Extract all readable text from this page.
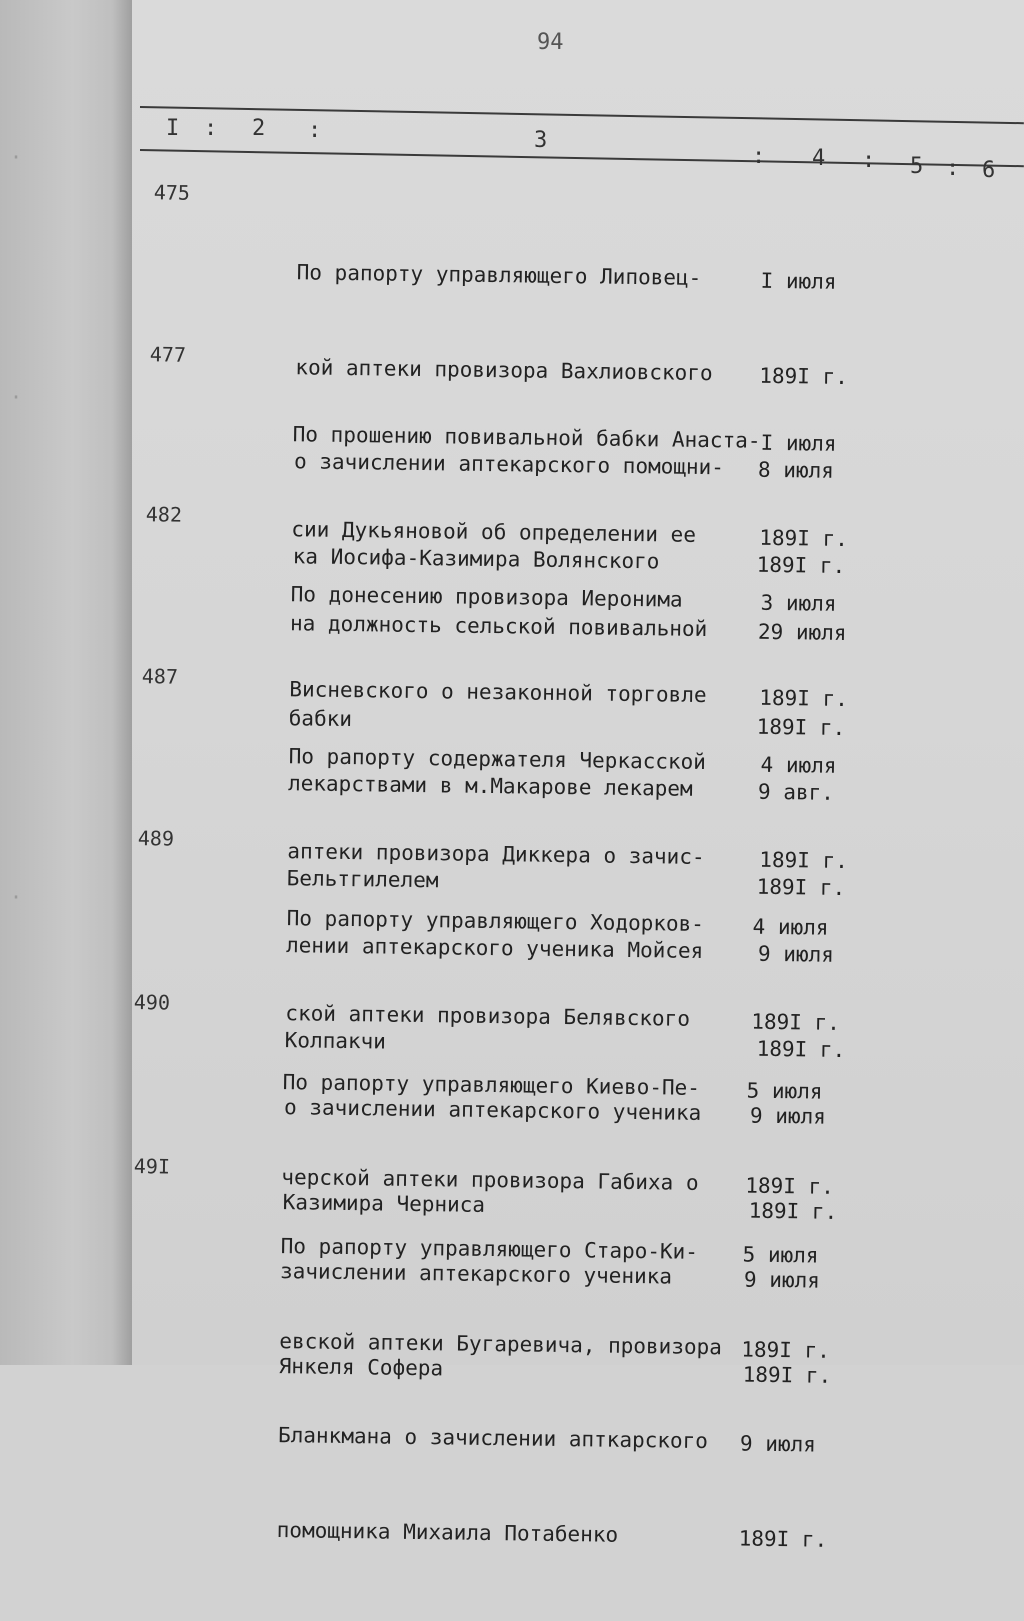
·
·
·
94
I : 2 :	3
: 4 : 5 : 6
475

По рапорту управляющего Липовец-

кой аптеки провизора Вахлиовского

о зачислении аптекарского помощни-

ка Иосифа-Казимира Волянского

I июля

189I г.

8 июля

189I г.

477

По прошению повивальной бабки Анаста-

сии Дукьяновой об определении ее

на должность сельской повивальной

бабки

I июля

189I г.

29 июля

189I г.

482

По донесению провизора Иеронима

Висневского о незаконной торговле

лекарствами в м.Макарове лекарем

Бельтгилелем

3 июля

189I г.

9 авг.

189I г.

487

По рапорту содержателя Черкасской

аптеки провизора Диккера о зачис-

лении аптекарского ученика Мойсея

Колпакчи

4 июля

189I г.

9 июля

189I г.

489

По рапорту управляющего Ходорков-

ской аптеки провизора Белявского

о зачислении аптекарского ученика

Казимира Черниса

4 июля

189I г.

9 июля

189I г.

490

По рапорту управляющего Киево-Пе-

черской аптеки провизора Габиха о

зачислении аптекарского ученика

Янкеля Софера

5 июля

189I г.

9 июля

189I г.

49I

По рапорту управляющего Старо-Ки-

евской аптеки Бугаревича, провизора

Бланкмана о зачислении апткарского

помощника Михаила Потабенко

5 июля

189I г.

9 июля

189I г.
